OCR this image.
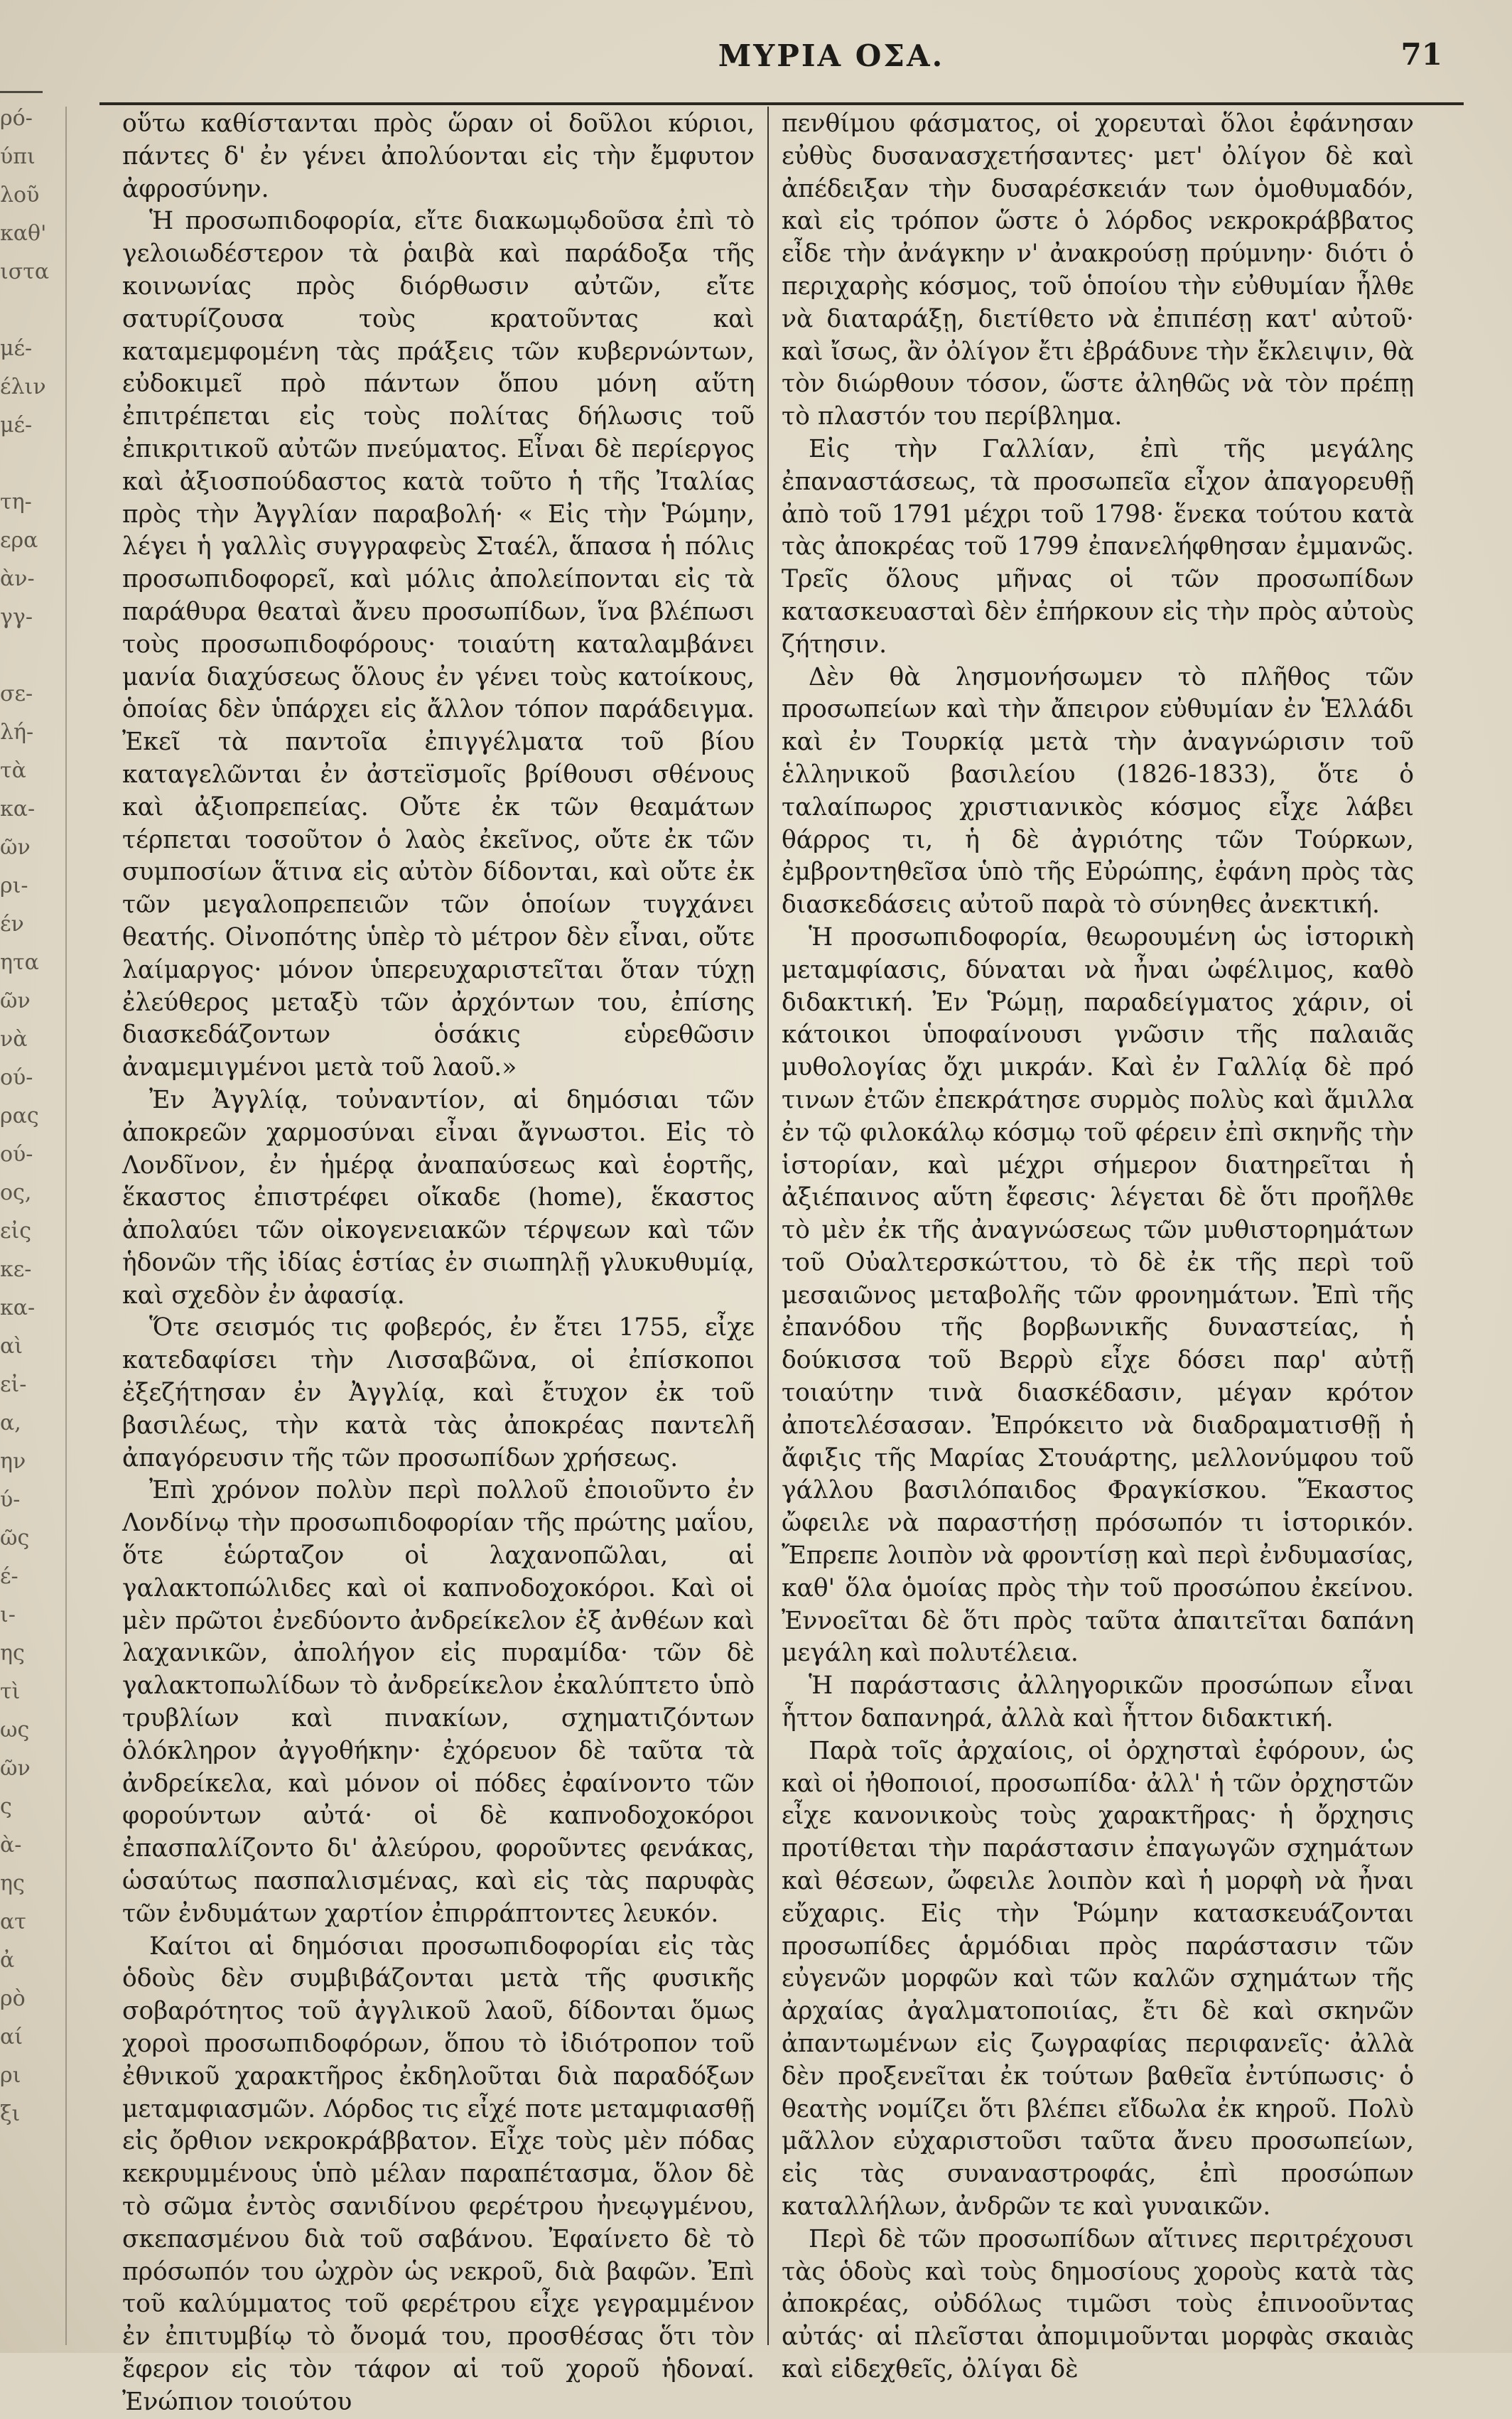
ρό-
ύπι
λοῦ
καθ'
ιστα

μέ-
έλιν
μέ-

τη-
ερα
ὰν-
γγ-

σε-
λή-
τὰ
κα-
ῶν
ρι-
έν
ητα
ῶν
νὰ
ού-
ρας
ού-
ος,
εἰς
κε-
κα-
αὶ
εἰ-
α,
ην
ύ-
ῶς
έ-
ι-
ης
τὶ
ως
ῶν
ς
ὰ-
ης
ατ
ἀ
ρὸ
αί
ρι
ξι
ΜΥΡΙΑ ΟΣΑ.	71

οὕτω καθίστανται πρὸς ὥραν οἱ δοῦλοι κύριοι, πάντες δ' ἐν γένει ἀπολύονται εἰς τὴν ἔμφυτον ἀφροσύνην.

Ἡ προσωπιδοφορία, εἴτε διακωμῳδοῦσα ἐπὶ τὸ γελοιωδέστερον τὰ ῥαιβὰ καὶ παράδοξα τῆς κοινωνίας πρὸς διόρθωσιν αὐτῶν, εἴτε σατυρίζουσα τοὺς κρατοῦντας καὶ καταμεμφομένη τὰς πράξεις τῶν κυβερνώντων, εὐδοκιμεῖ πρὸ πάντων ὅπου μόνη αὕτη ἐπιτρέπεται εἰς τοὺς πολίτας δήλωσις τοῦ ἐπικριτικοῦ αὐτῶν πνεύματος. Εἶναι δὲ περίεργος καὶ ἀξιοσπούδαστος κατὰ τοῦτο ἡ τῆς Ἰταλίας πρὸς τὴν Ἀγγλίαν παραβολή· « Εἰς τὴν Ῥώμην, λέγει ἡ γαλλὶς συγγραφεὺς Σταέλ, ἅπασα ἡ πόλις προσωπιδοφορεῖ, καὶ μόλις ἀπολείπονται εἰς τὰ παράθυρα θεαταὶ ἄνευ προσωπίδων, ἵνα βλέπωσι τοὺς προσωπιδοφόρους· τοιαύτη καταλαμβάνει μανία διαχύσεως ὅλους ἐν γένει τοὺς κατοίκους, ὁποίας δὲν ὑπάρχει εἰς ἄλλον τόπον παράδειγμα. Ἐκεῖ τὰ παντοῖα ἐπιγγέλματα τοῦ βίου καταγελῶνται ἐν ἀστεϊσμοῖς βρίθουσι σθένους καὶ ἀξιοπρεπείας. Οὔτε ἐκ τῶν θεαμάτων τέρπεται τοσοῦτον ὁ λαὸς ἐκεῖνος, οὔτε ἐκ τῶν συμποσίων ἅτινα εἰς αὐτὸν δίδονται, καὶ οὔτε ἐκ τῶν μεγαλοπρεπειῶν τῶν ὁποίων τυγχάνει θεατής. Οἰνοπότης ὑπὲρ τὸ μέτρον δὲν εἶναι, οὔτε λαίμαργος· μόνον ὑπερευχαριστεῖται ὅταν τύχῃ ἐλεύθερος μεταξὺ τῶν ἀρχόντων του, ἐπίσης διασκεδάζοντων ὁσάκις εὑρεθῶσιν ἀναμεμιγμένοι μετὰ τοῦ λαοῦ.»

Ἐν Ἀγγλίᾳ, τοὐναντίον, αἱ δημόσιαι τῶν ἀποκρεῶν χαρμοσύναι εἶναι ἄγνωστοι. Εἰς τὸ Λονδῖνον, ἐν ἡμέρᾳ ἀναπαύσεως καὶ ἑορτῆς, ἕκαστος ἐπιστρέφει οἴκαδε (home), ἕκαστος ἀπολαύει τῶν οἰκογενειακῶν τέρψεων καὶ τῶν ἡδονῶν τῆς ἰδίας ἑστίας ἐν σιωπηλῇ γλυκυθυμίᾳ, καὶ σχεδὸν ἐν ἀφασίᾳ.

Ὅτε σεισμός τις φοβερός, ἐν ἔτει 1755, εἶχε κατεδαφίσει τὴν Λισσαβῶνα, οἱ ἐπίσκοποι ἐξεζήτησαν ἐν Ἀγγλίᾳ, καὶ ἔτυχον ἐκ τοῦ βασιλέως, τὴν κατὰ τὰς ἀποκρέας παντελῆ ἀπαγόρευσιν τῆς τῶν προσωπίδων χρήσεως.

Ἐπὶ χρόνον πολὺν περὶ πολλοῦ ἐποιοῦντο ἐν Λονδίνῳ τὴν προσωπιδοφορίαν τῆς πρώτης μαΐου, ὅτε ἑώρταζον οἱ λαχανοπῶλαι, αἱ γαλακτοπώλιδες καὶ οἱ καπνοδοχοκόροι. Καὶ οἱ μὲν πρῶτοι ἐνεδύοντο ἀνδρείκελον ἐξ ἀνθέων καὶ λαχανικῶν, ἀπολήγον εἰς πυραμίδα· τῶν δὲ γαλακτοπωλίδων τὸ ἀνδρείκελον ἐκαλύπτετο ὑπὸ τρυβλίων καὶ πινακίων, σχηματιζόντων ὁλόκληρον ἀγγοθήκην· ἐχόρευον δὲ ταῦτα τὰ ἀνδρείκελα, καὶ μόνον οἱ πόδες ἐφαίνοντο τῶν φορούντων αὐτά· οἱ δὲ καπνοδοχοκόροι ἐπασπαλίζοντο δι' ἀλεύρου, φοροῦντες φενάκας, ὡσαύτως πασπαλισμένας, καὶ εἰς τὰς παρυφὰς τῶν ἐνδυμάτων χαρτίον ἐπιρράπτοντες λευκόν.

Καίτοι αἱ δημόσιαι προσωπιδοφορίαι εἰς τὰς ὁδοὺς δὲν συμβιβάζονται μετὰ τῆς φυσικῆς σοβαρότητος τοῦ ἀγγλικοῦ λαοῦ, δίδονται ὅμως χοροὶ προσωπιδοφόρων, ὅπου τὸ ἰδιότροπον τοῦ ἐθνικοῦ χαρακτῆρος ἐκδηλοῦται διὰ παραδόξων μεταμφιασμῶν. Λόρδος τις εἶχέ ποτε μεταμφιασθῇ εἰς ὄρθιον νεκροκράββατον. Εἶχε τοὺς μὲν πόδας κεκρυμμένους ὑπὸ μέλαν παραπέτασμα, ὅλον δὲ τὸ σῶμα ἐντὸς σανιδίνου φερέτρου ἠνεῳγμένου, σκεπασμένου διὰ τοῦ σαβάνου. Ἐφαίνετο δὲ τὸ πρόσωπόν του ὠχρὸν ὡς νεκροῦ, διὰ βαφῶν. Ἐπὶ τοῦ καλύμματος τοῦ φερέτρου εἶχε γεγραμμένον ἐν ἐπιτυμβίῳ τὸ ὄνομά του, προσθέσας ὅτι τὸν ἔφερον εἰς τὸν τάφον αἱ τοῦ χοροῦ ἡδοναί. Ἐνώπιον τοιούτου

πενθίμου φάσματος, οἱ χορευταὶ ὅλοι ἐφάνησαν εὐθὺς δυσανασχετήσαντες· μετ' ὀλίγον δὲ καὶ ἀπέδειξαν τὴν δυσαρέσκειάν των ὁμοθυμαδόν, καὶ εἰς τρόπον ὥστε ὁ λόρδος νεκροκράββατος εἶδε τὴν ἀνάγκην ν' ἀνακρούσῃ πρύμνην· διότι ὁ περιχαρὴς κόσμος, τοῦ ὁποίου τὴν εὐθυμίαν ἦλθε νὰ διαταράξῃ, διετίθετο νὰ ἐπιπέσῃ κατ' αὐτοῦ· καὶ ἴσως, ἂν ὀλίγον ἔτι ἐβράδυνε τὴν ἔκλειψιν, θὰ τὸν διώρθουν τόσον, ὥστε ἀληθῶς νὰ τὸν πρέπῃ τὸ πλαστόν του περίβλημα.

Εἰς τὴν Γαλλίαν, ἐπὶ τῆς μεγάλης ἐπαναστάσεως, τὰ προσωπεῖα εἶχον ἀπαγορευθῇ ἀπὸ τοῦ 1791 μέχρι τοῦ 1798· ἕνεκα τούτου κατὰ τὰς ἀποκρέας τοῦ 1799 ἐπανελήφθησαν ἐμμανῶς. Τρεῖς ὅλους μῆνας οἱ τῶν προσωπίδων κατασκευασταὶ δὲν ἐπήρκουν εἰς τὴν πρὸς αὐτοὺς ζήτησιν.

Δὲν θὰ λησμονήσωμεν τὸ πλῆθος τῶν προσωπείων καὶ τὴν ἄπειρον εὐθυμίαν ἐν Ἑλλάδι καὶ ἐν Τουρκίᾳ μετὰ τὴν ἀναγνώρισιν τοῦ ἑλληνικοῦ βασιλείου (1826-1833), ὅτε ὁ ταλαίπωρος χριστιανικὸς κόσμος εἶχε λάβει θάρρος τι, ἡ δὲ ἀγριότης τῶν Τούρκων, ἐμβροντηθεῖσα ὑπὸ τῆς Εὐρώπης, ἐφάνη πρὸς τὰς διασκεδάσεις αὐτοῦ παρὰ τὸ σύνηθες ἀνεκτική.

Ἡ προσωπιδοφορία, θεωρουμένη ὡς ἱστορικὴ μεταμφίασις, δύναται νὰ ἦναι ὠφέλιμος, καθὸ διδακτική. Ἐν Ῥώμῃ, παραδείγματος χάριν, οἱ κάτοικοι ὑποφαίνουσι γνῶσιν τῆς παλαιᾶς μυθολογίας ὄχι μικράν. Καὶ ἐν Γαλλίᾳ δὲ πρό τινων ἐτῶν ἐπεκράτησε συρμὸς πολὺς καὶ ἅμιλλα ἐν τῷ φιλοκάλῳ κόσμῳ τοῦ φέρειν ἐπὶ σκηνῆς τὴν ἱστορίαν, καὶ μέχρι σήμερον διατηρεῖται ἡ ἀξιέπαινος αὕτη ἔφεσις· λέγεται δὲ ὅτι προῆλθε τὸ μὲν ἐκ τῆς ἀναγνώσεως τῶν μυθιστορημάτων τοῦ Οὐαλτερσκώττου, τὸ δὲ ἐκ τῆς περὶ τοῦ μεσαιῶνος μεταβολῆς τῶν φρονημάτων. Ἐπὶ τῆς ἐπανόδου τῆς βορβωνικῆς δυναστείας, ἡ δούκισσα τοῦ Βερρὺ εἶχε δόσει παρ' αὐτῇ τοιαύτην τινὰ διασκέδασιν, μέγαν κρότον ἀποτελέσασαν. Ἐπρόκειτο νὰ διαδραματισθῇ ἡ ἄφιξις τῆς Μαρίας Στουάρτης, μελλονύμφου τοῦ γάλλου βασιλόπαιδος Φραγκίσκου. Ἕκαστος ὤφειλε νὰ παραστήσῃ πρόσωπόν τι ἱστορικόν. Ἔπρεπε λοιπὸν νὰ φροντίσῃ καὶ περὶ ἐνδυμασίας, καθ' ὅλα ὁμοίας πρὸς τὴν τοῦ προσώπου ἐκείνου. Ἐννοεῖται δὲ ὅτι πρὸς ταῦτα ἀπαιτεῖται δαπάνη μεγάλη καὶ πολυτέλεια.

Ἡ παράστασις ἀλληγορικῶν προσώπων εἶναι ἧττον δαπανηρά, ἀλλὰ καὶ ἧττον διδακτική.

Παρὰ τοῖς ἀρχαίοις, οἱ ὀρχησταὶ ἐφόρουν, ὡς καὶ οἱ ἠθοποιοί, προσωπίδα· ἀλλ' ἡ τῶν ὀρχηστῶν εἶχε κανονικοὺς τοὺς χαρακτῆρας· ἡ ὄρχησις προτίθεται τὴν παράστασιν ἐπαγωγῶν σχημάτων καὶ θέσεων, ὤφειλε λοιπὸν καὶ ἡ μορφὴ νὰ ἦναι εὔχαρις. Εἰς τὴν Ῥώμην κατασκευάζονται προσωπίδες ἁρμόδιαι πρὸς παράστασιν τῶν εὐγενῶν μορφῶν καὶ τῶν καλῶν σχημάτων τῆς ἀρχαίας ἀγαλματοποιίας, ἔτι δὲ καὶ σκηνῶν ἀπαντωμένων εἰς ζωγραφίας περιφανεῖς· ἀλλὰ δὲν προξενεῖται ἐκ τούτων βαθεῖα ἐντύπωσις· ὁ θεατὴς νομίζει ὅτι βλέπει εἴδωλα ἐκ κηροῦ. Πολὺ μᾶλλον εὐχαριστοῦσι ταῦτα ἄνευ προσωπείων, εἰς τὰς συναναστροφάς, ἐπὶ προσώπων καταλλήλων, ἀνδρῶν τε καὶ γυναικῶν.

Περὶ δὲ τῶν προσωπίδων αἵτινες περιτρέχουσι τὰς ὁδοὺς καὶ τοὺς δημοσίους χοροὺς κατὰ τὰς ἀποκρέας, οὐδόλως τιμῶσι τοὺς ἐπινοοῦντας αὐτάς· αἱ πλεῖσται ἀπομιμοῦνται μορφὰς σκαιὰς καὶ εἰδεχθεῖς, ὀλίγαι δὲ
